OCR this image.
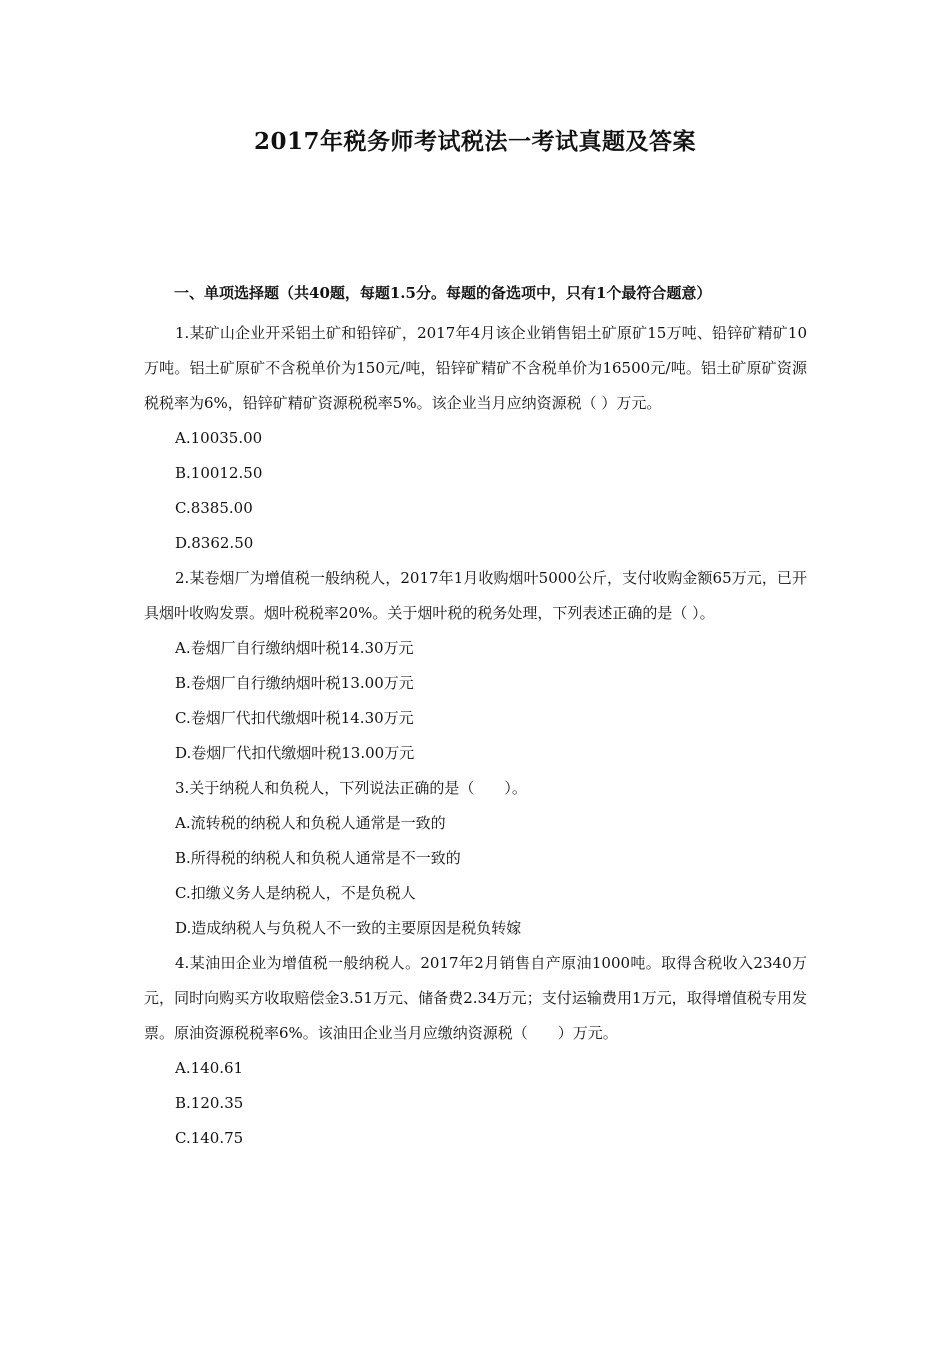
2017年税务师考试税法一考试真题及答案

一、单项选择题（共40题，每题1.5分。每题的备选项中，只有1个最符合题意）

1.某矿山企业开采铝土矿和铅锌矿，2017年4月该企业销售铝土矿原矿15万吨、铅锌矿精矿10万吨。铝土矿原矿不含税单价为150元/吨，铅锌矿精矿不含税单价为16500元/吨。铝土矿原矿资源税税率为6%，铅锌矿精矿资源税税率5%。该企业当月应纳资源税（ ）万元。

A.10035.00

B.10012.50

C.8385.00

D.8362.50

2.某卷烟厂为增值税一般纳税人，2017年1月收购烟叶5000公斤，支付收购金额65万元，已开具烟叶收购发票。烟叶税税率20%。关于烟叶税的税务处理，下列表述正确的是（ ）。

A.卷烟厂自行缴纳烟叶税14.30万元

B.卷烟厂自行缴纳烟叶税13.00万元

C.卷烟厂代扣代缴烟叶税14.30万元

D.卷烟厂代扣代缴烟叶税13.00万元

3.关于纳税人和负税人，下列说法正确的是（　　）。

A.流转税的纳税人和负税人通常是一致的

B.所得税的纳税人和负税人通常是不一致的

C.扣缴义务人是纳税人，不是负税人

D.造成纳税人与负税人不一致的主要原因是税负转嫁

4.某油田企业为增值税一般纳税人。2017年2月销售自产原油1000吨。取得含税收入2340万元，同时向购买方收取赔偿金3.51万元、储备费2.34万元；支付运输费用1万元，取得增值税专用发票。原油资源税税率6%。该油田企业当月应缴纳资源税（　　）万元。

A.140.61

B.120.35

C.140.75
